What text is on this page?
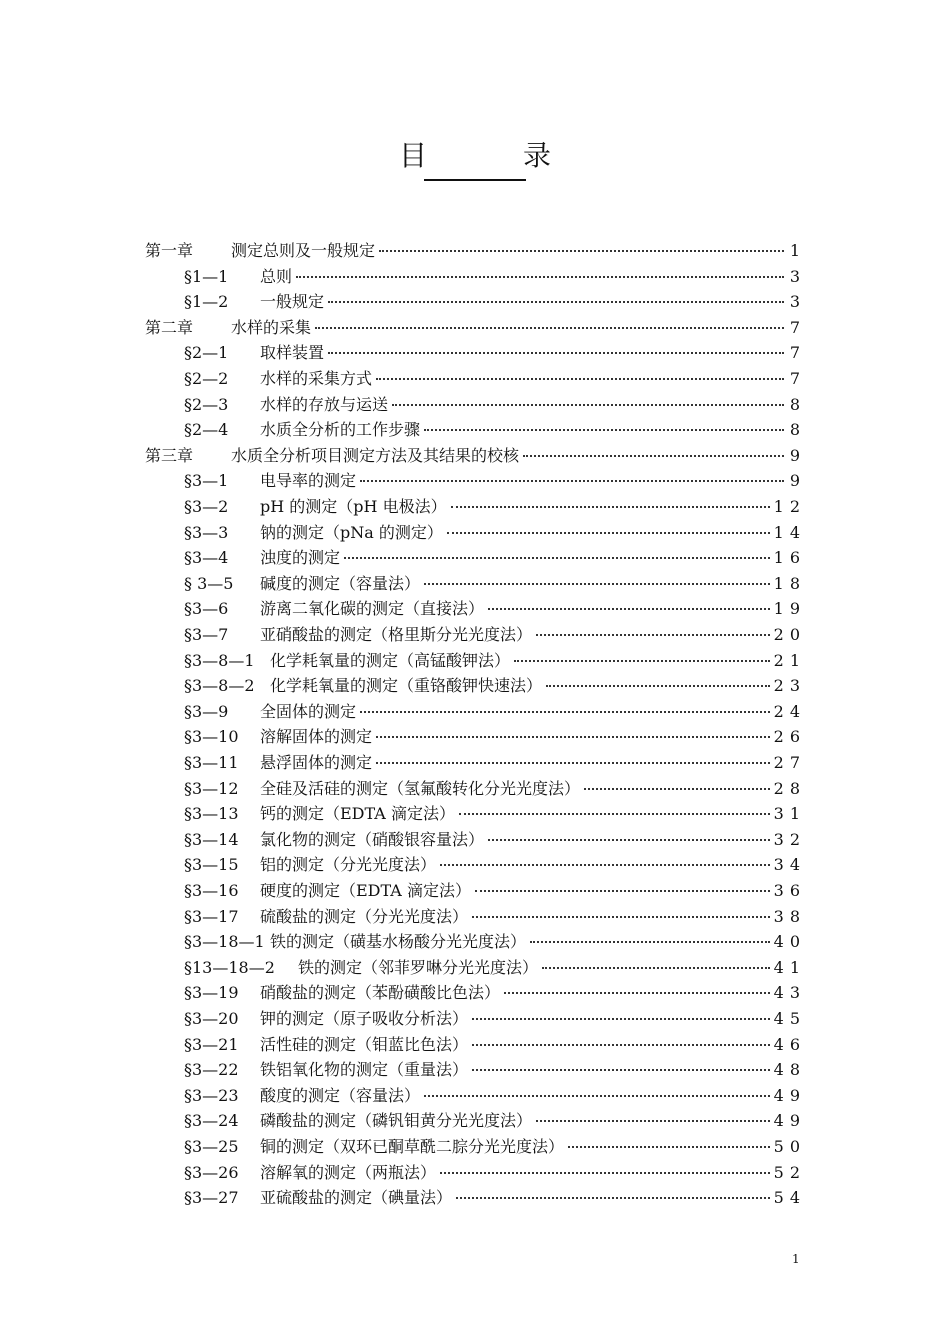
目　录
第一章	测定总则及一般规定	1
§1—1	总则	3
§1—2	一般规定	3
第二章	水样的采集	7
§2—1	取样装置	7
§2—2	水样的采集方式	7
§2—3	水样的存放与运送	8
§2—4	水质全分析的工作步骤	8
第三章	水质全分析项目测定方法及其结果的校核	9
§3—1	电导率的测定	9
§3—2	pH 的测定（pH 电极法）	12
§3—3	钠的测定（pNa 的测定）	14
§3—4	浊度的测定	16
§ 3—5	碱度的测定（容量法）	18
§3—6	游离二氧化碳的测定（直接法）	19
§3—7	亚硝酸盐的测定（格里斯分光光度法）	20
§3—8—1 化学耗氧量的测定（高锰酸钾法）	21
§3—8—2 化学耗氧量的测定（重铬酸钾快速法）	23
§3—9	全固体的测定	24
§3—10	溶解固体的测定	26
§3—11	悬浮固体的测定	27
§3—12	全硅及活硅的测定（氢氟酸转化分光光度法）	28
§3—13	钙的测定（EDTA 滴定法）	31
§3—14	氯化物的测定（硝酸银容量法）	32
§3—15	铝的测定（分光光度法）	34
§3—16	硬度的测定（EDTA 滴定法）	36
§3—17	硫酸盐的测定（分光光度法）	38
§3—18—1 铁的测定（磺基水杨酸分光光度法）	40
§13—18—2	铁的测定（邻菲罗啉分光光度法）	41
§3—19	硝酸盐的测定（苯酚磺酸比色法）	43
§3—20	钾的测定（原子吸收分析法）	45
§3—21	活性硅的测定（钼蓝比色法）	46
§3—22	铁铝氧化物的测定（重量法）	48
§3—23	酸度的测定（容量法）	49
§3—24	磷酸盐的测定（磷钒钼黄分光光度法）	49
§3—25	铜的测定（双环已酮草酰二腙分光光度法）	50
§3—26	溶解氧的测定（两瓶法）	52
§3—27	亚硫酸盐的测定（碘量法）	54
1
